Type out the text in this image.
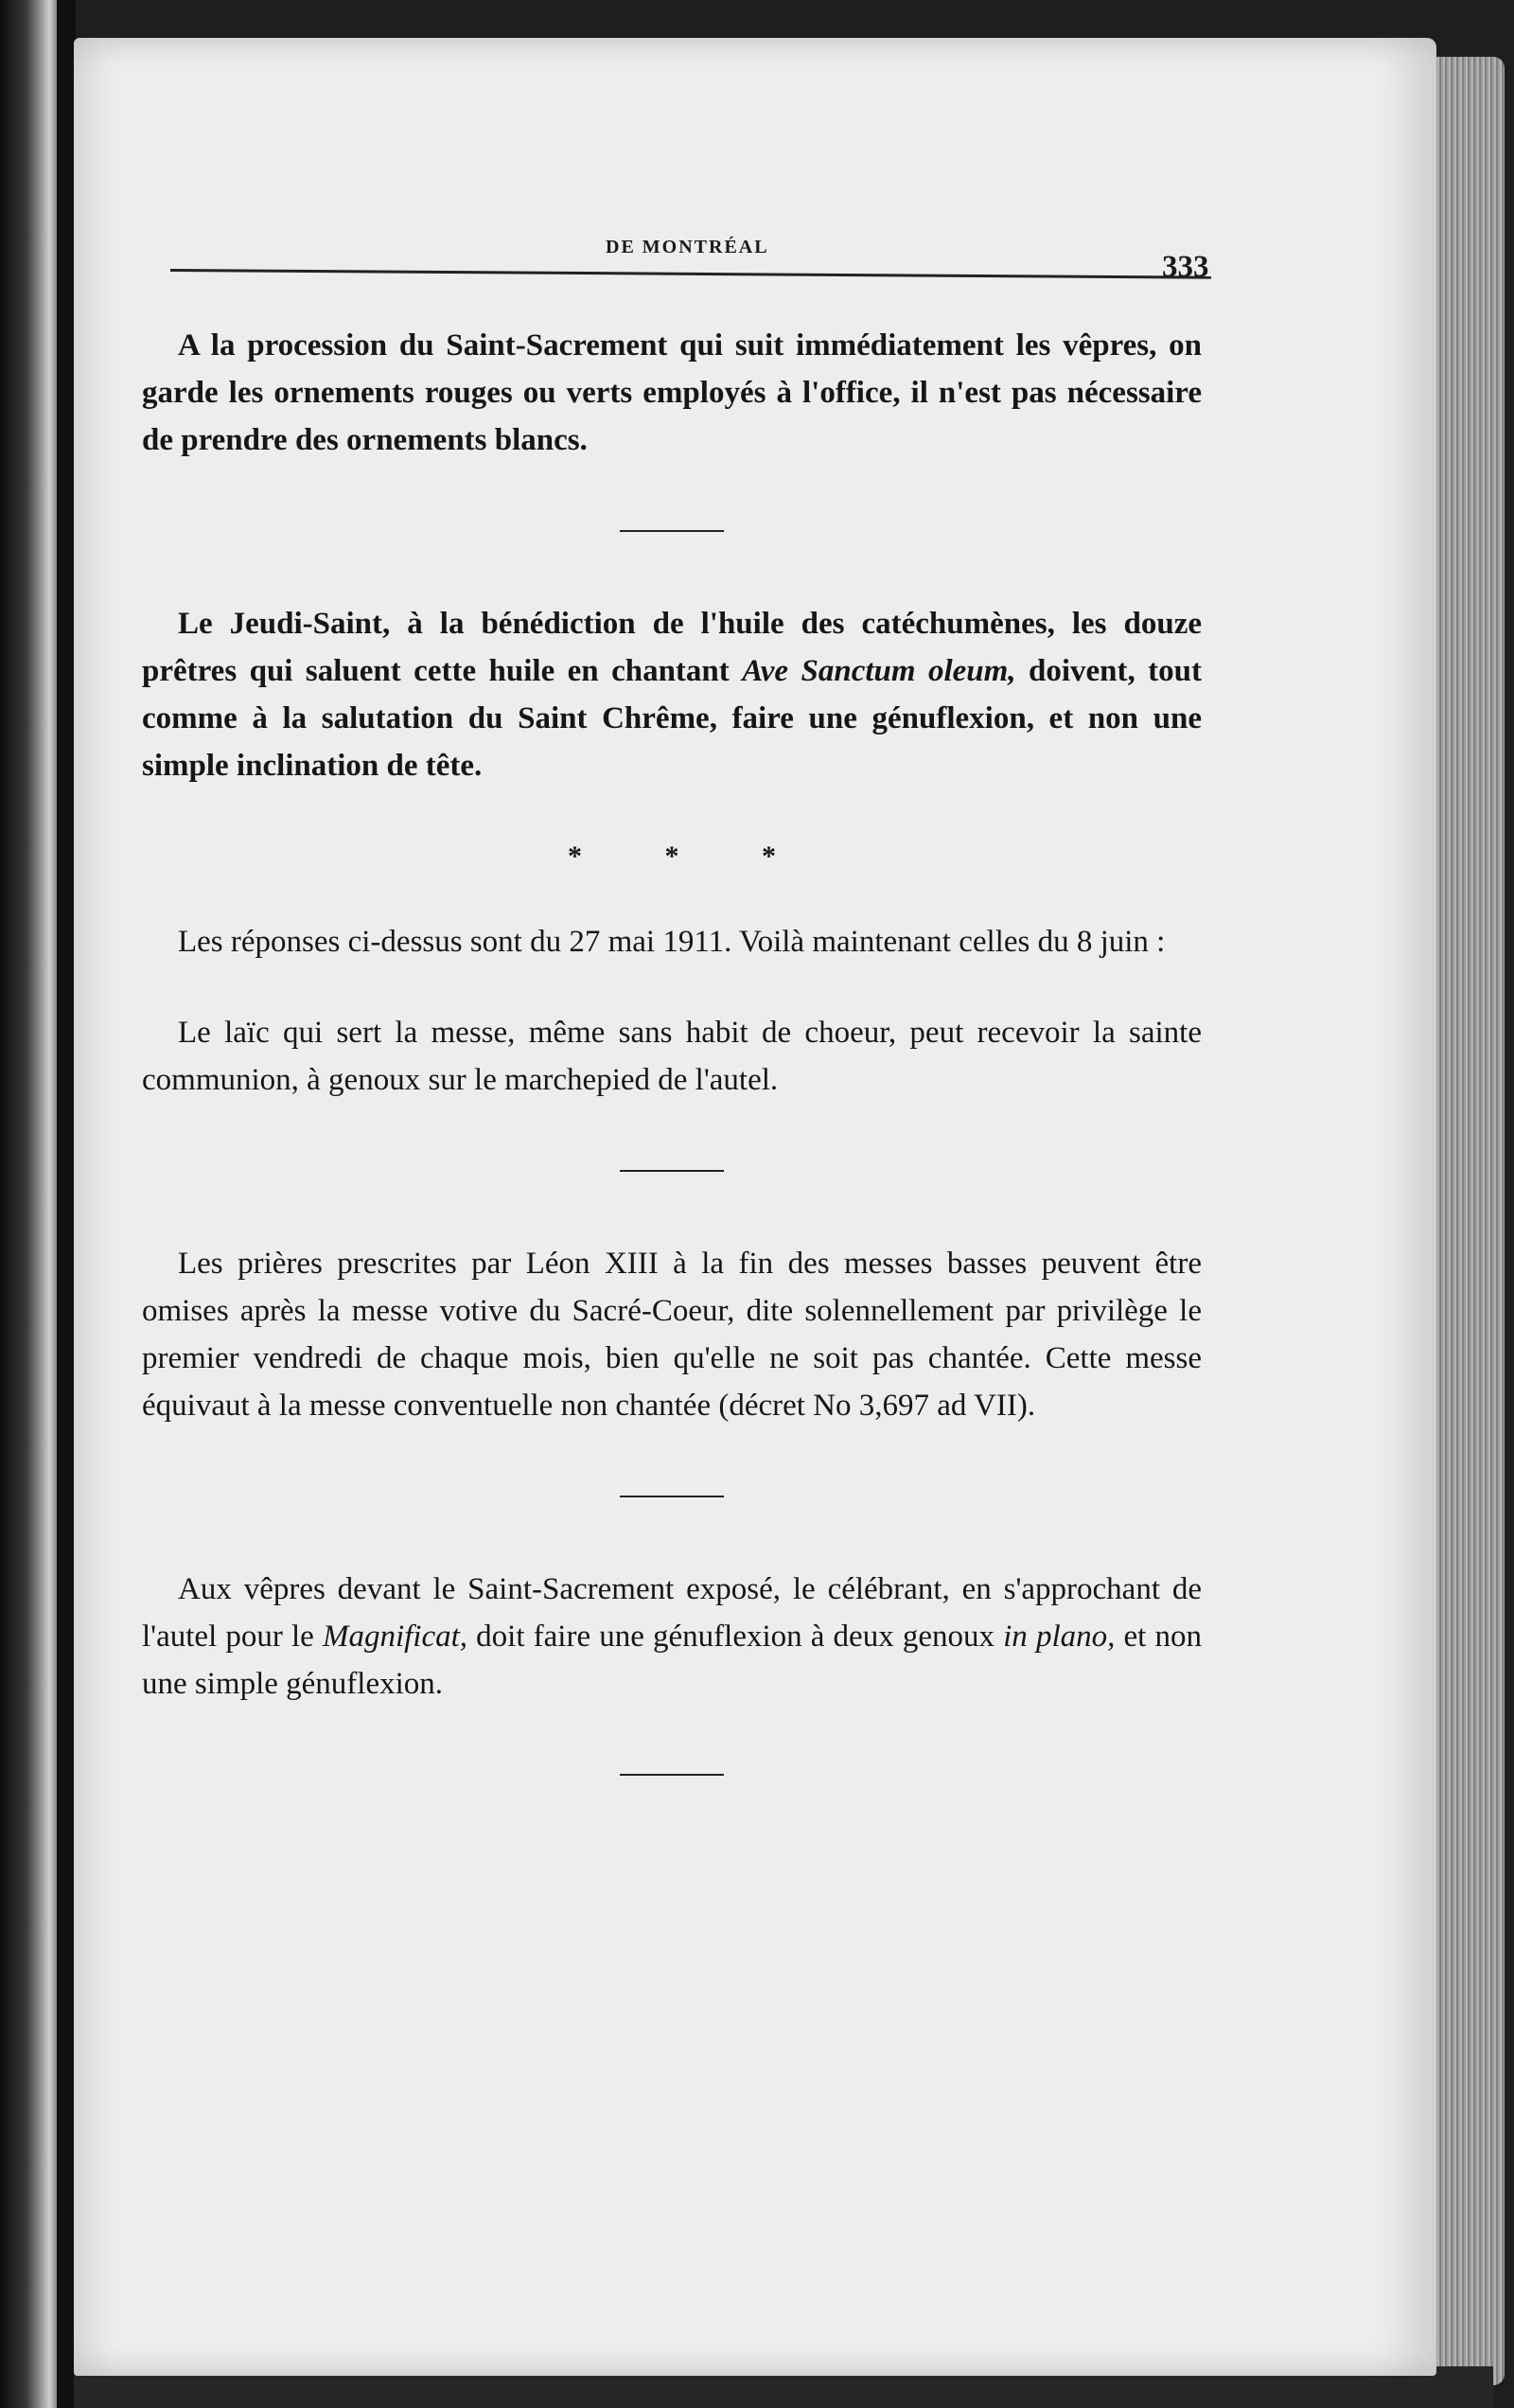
DE MONTRÉAL
333

A la procession du Saint-Sacrement qui suit immédiatement les vêpres, on garde les ornements rouges ou verts employés à l'office, il n'est pas nécessaire de prendre des ornements blancs.

Le Jeudi-Saint, à la bénédiction de l'huile des catéchumènes, les douze prêtres qui saluent cette huile en chantant Ave Sanctum oleum, doivent, tout comme à la salutation du Saint Chrême, faire une génuflexion, et non une simple inclination de tête.

* * *

Les réponses ci-dessus sont du 27 mai 1911. Voilà maintenant celles du 8 juin :

Le laïc qui sert la messe, même sans habit de choeur, peut recevoir la sainte communion, à genoux sur le marchepied de l'autel.

Les prières prescrites par Léon XIII à la fin des messes basses peuvent être omises après la messe votive du Sacré-Coeur, dite solennellement par privilège le premier vendredi de chaque mois, bien qu'elle ne soit pas chantée. Cette messe équivaut à la messe conventuelle non chantée (décret No 3,697 ad VII).

Aux vêpres devant le Saint-Sacrement exposé, le célébrant, en s'approchant de l'autel pour le Magnificat, doit faire une génuflexion à deux genoux in plano, et non une simple génuflexion.
